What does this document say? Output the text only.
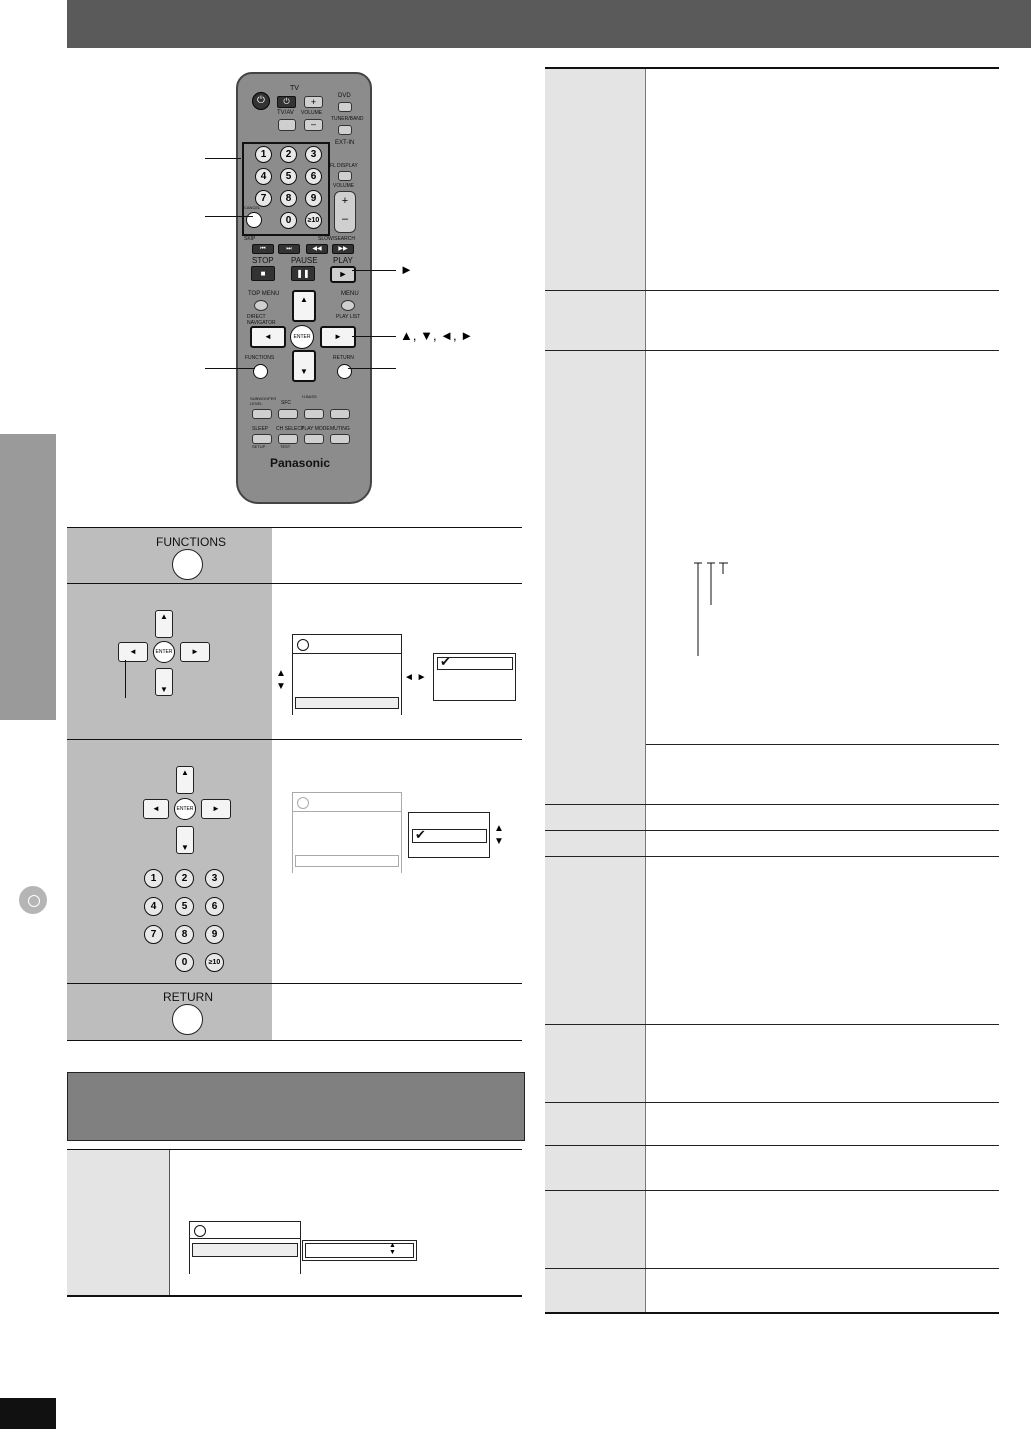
⏻
TV
⏻	+
TV/AV VOLUME
–
DVD
TUNER/BAND
EXT-IN
FL DISPLAY
VOLUME
+
–
1	2	3
4	5	6
7	8	9
0	≥10
CANCEL
SKIP
⏮	⏭
SLOW/SEARCH
◀◀	▶▶
STOP PAUSE PLAY
■	❚❚	►
TOP MENU
DIRECT NAVIGATOR
MENU
PLAY LIST
▲
▼
◄	►
ENTER
FUNCTIONS	RETURN
SUBWOOFER LEVEL	SFC
H.BASS
SLEEP
SETUP
CH SELECT
TEST
PLAY MODE MUTING
Panasonic
►
▲, ▼, ◄, ►
FUNCTIONS
▲
▼
◄	►
ENTER
▲
▼
◄ ►
✔
▲
▼
◄	►
ENTER
1	2	3
4	5	6
7	8	9
0	≥10
✔	▲
▼
RETURN
▲
▼
